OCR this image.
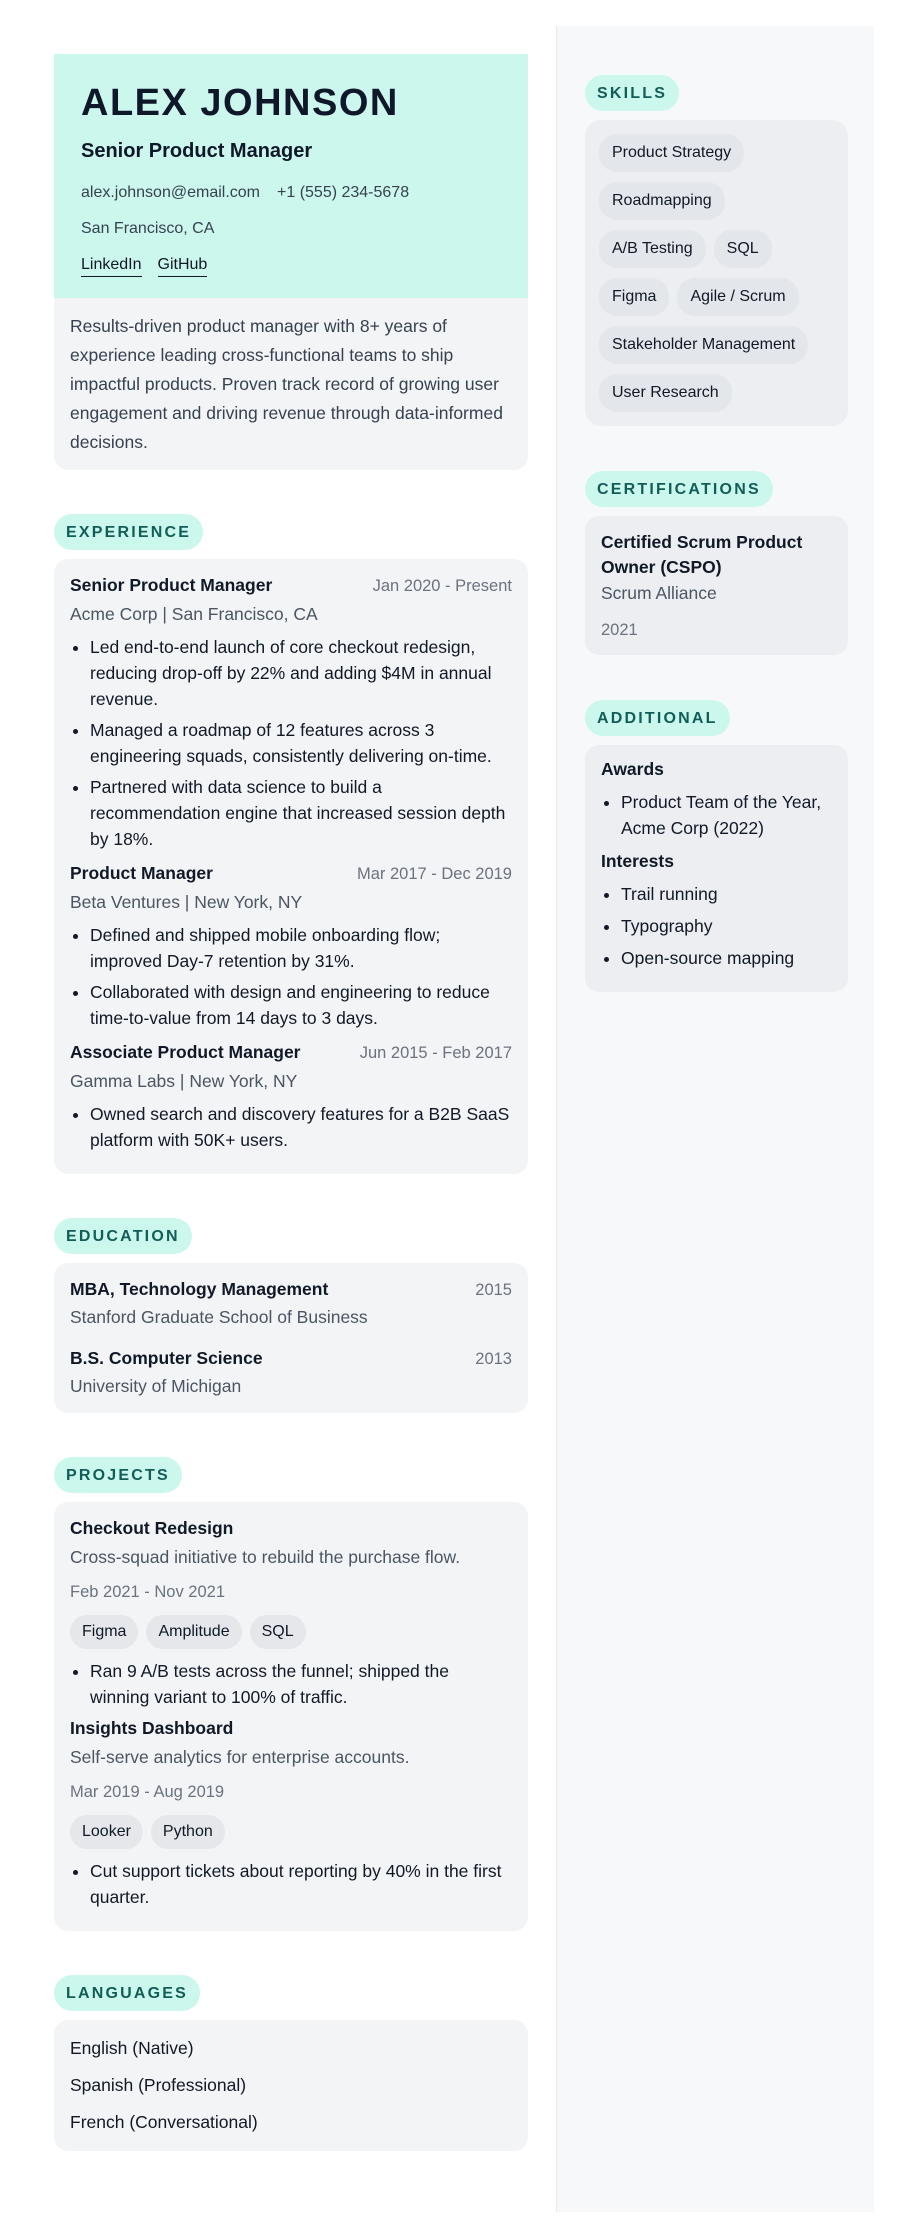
ALEX JOHNSON
Senior Product Manager
alex.johnson@email.com +1 (555) 234-5678
San Francisco, CA
LinkedIn GitHub

Results-driven product manager with 8+ years of experience leading cross-functional teams to ship impactful products. Proven track record of growing user engagement and driving revenue through data-informed decisions.

EXPERIENCE
Senior Product Manager	Jan 2020 - Present
Acme Corp | San Francisco, CA
• Led end-to-end launch of core checkout redesign, reducing drop-off by 22% and adding $4M in annual revenue.
• Managed a roadmap of 12 features across 3 engineering squads, consistently delivering on-time.
• Partnered with data science to build a recommendation engine that increased session depth by 18%.
Product Manager	Mar 2017 - Dec 2019
Beta Ventures | New York, NY
• Defined and shipped mobile onboarding flow; improved Day-7 retention by 31%.
• Collaborated with design and engineering to reduce time-to-value from 14 days to 3 days.
Associate Product Manager	Jun 2015 - Feb 2017
Gamma Labs | New York, NY
• Owned search and discovery features for a B2B SaaS platform with 50K+ users.
EDUCATION
MBA, Technology Management	2015
Stanford Graduate School of Business
B.S. Computer Science	2013
University of Michigan
PROJECTS
Checkout Redesign
Cross-squad initiative to rebuild the purchase flow.
Feb 2021 - Nov 2021
Figma	Amplitude	SQL
• Ran 9 A/B tests across the funnel; shipped the winning variant to 100% of traffic.
Insights Dashboard
Self-serve analytics for enterprise accounts.
Mar 2019 - Aug 2019
Looker	Python
• Cut support tickets about reporting by 40% in the first quarter.
LANGUAGES
English (Native)
Spanish (Professional)
French (Conversational)
SKILLS
Product Strategy
Roadmapping
A/B Testing	SQL
Figma	Agile / Scrum
Stakeholder Management
User Research
CERTIFICATIONS
Certified Scrum Product Owner (CSPO)
Scrum Alliance
2021
ADDITIONAL
Awards
• Product Team of the Year, Acme Corp (2022)
Interests
• Trail running
• Typography
• Open-source mapping
